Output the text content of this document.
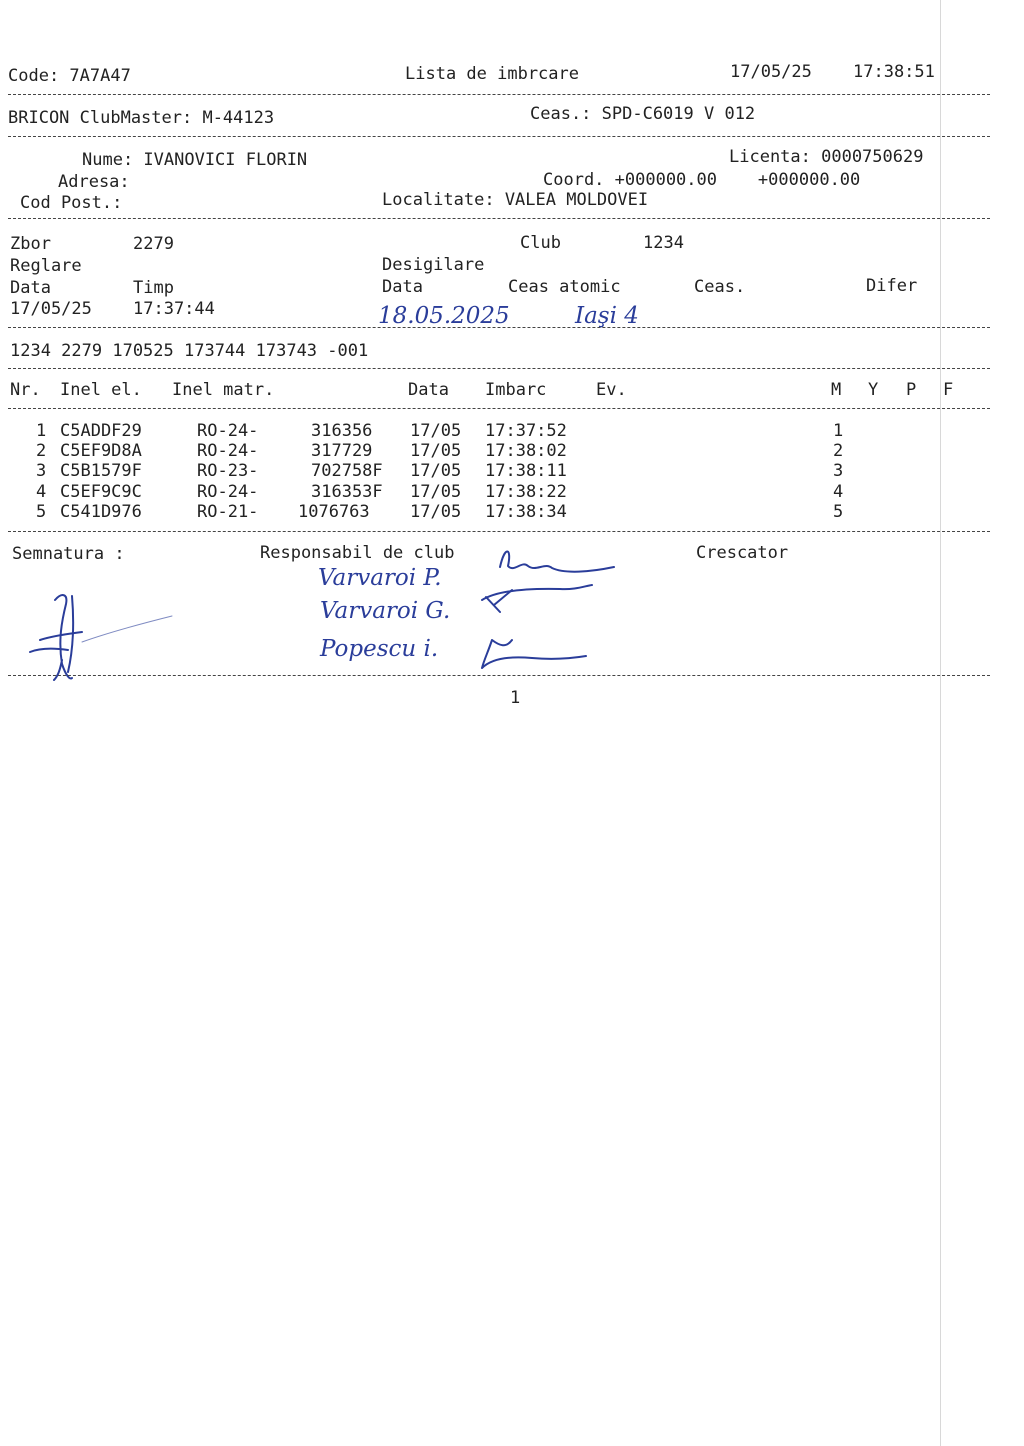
Code: 7A7A47	Lista de imbrcare	17/05/25 17:38:51
BRICON ClubMaster: M-44123	Ceas.: SPD-C6019 V 012
Nume: IVANOVICI FLORIN	Licenta: 0000750629
Adresa:	Coord. +000000.00    +000000.00
Cod Post.:	Localitate: VALEA MOLDOVEI
Zbor	2279	Club	1234
Reglare	Desigilare
Data	Timp	Data	Ceas atomic	Ceas.	Difer
17/05/25 17:37:44	18.05.2025	Iaşi 4
1234 2279 170525 173744 173743 -001
Nr. Inel el. Inel matr.	Data Imbarc	Ev.	M Y P F
1 C5ADDF29	RO-24-	316356 17/05 17:37:52	1
2 C5EF9D8A	RO-24-	317729 17/05 17:38:02	2
3 C5B1579F	RO-23-	702758F 17/05 17:38:11	3
4 C5EF9C9C	RO-24-	316353F 17/05 17:38:22	4
5 C541D976	RO-21- 1076763 17/05 17:38:34	5
Semnatura :	Responsabil de club	Crescator
Varvaroi P.
Varvaroi G.
Popescu i.
1
